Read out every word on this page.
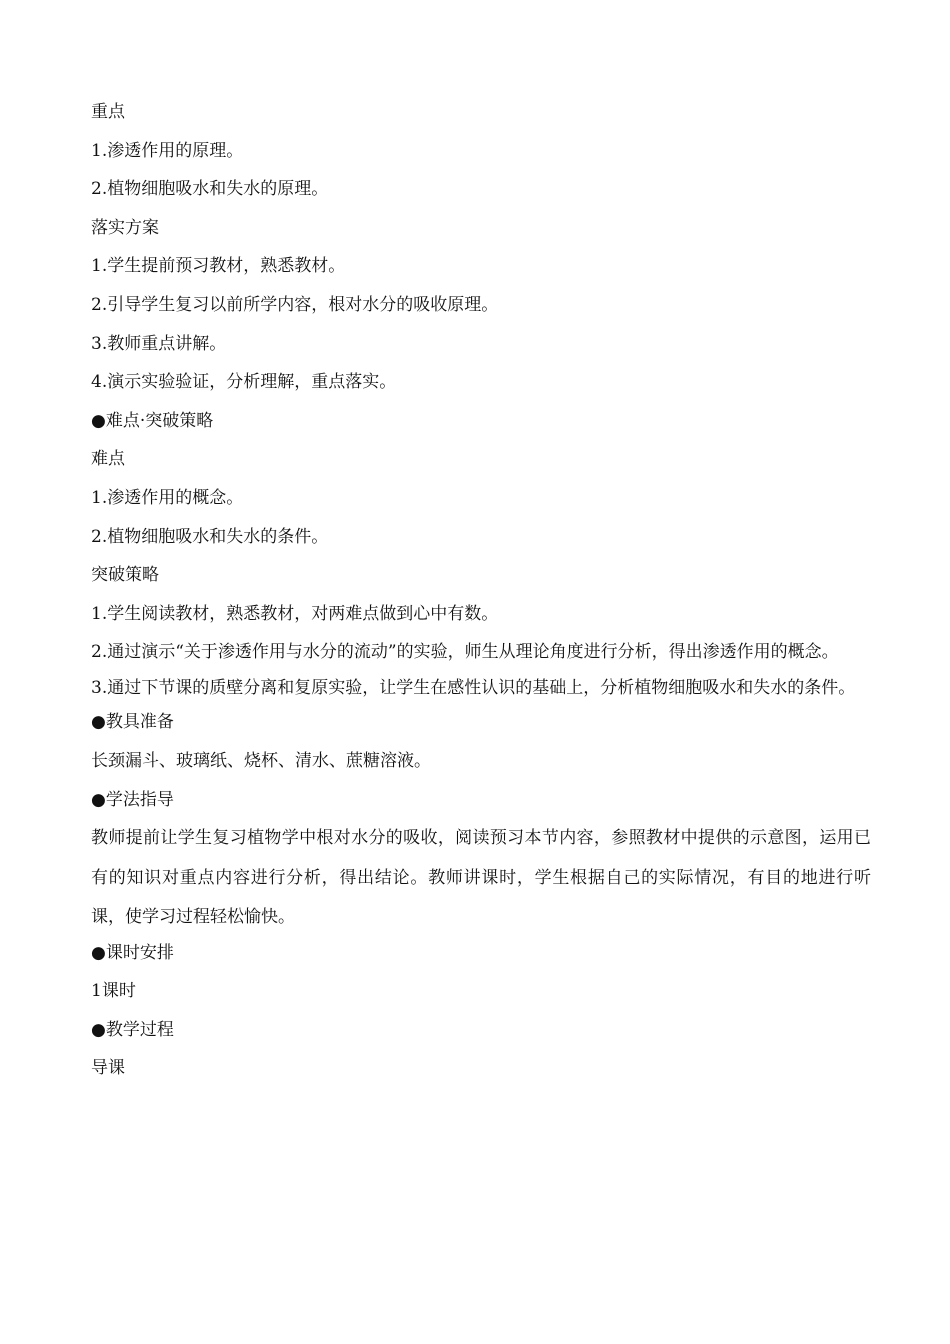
重点
1.渗透作用的原理。
2.植物细胞吸水和失水的原理。
落实方案
1.学生提前预习教材，熟悉教材。
2.引导学生复习以前所学内容，根对水分的吸收原理。
3.教师重点讲解。
4.演示实验验证，分析理解，重点落实。
●难点·突破策略
难点
1.渗透作用的概念。
2.植物细胞吸水和失水的条件。
突破策略
1.学生阅读教材，熟悉教材，对两难点做到心中有数。

2.通过演示“关于渗透作用与水分的流动”的实验，师生从理论角度进行分析，得出渗透作用的概念。

3.通过下节课的质壁分离和复原实验，让学生在感性认识的基础上，分析植物细胞吸水和失水的条件。

●教具准备
长颈漏斗、玻璃纸、烧杯、清水、蔗糖溶液。
●学法指导

教师提前让学生复习植物学中根对水分的吸收，阅读预习本节内容，参照教材中提供的示意图，运用已有的知识对重点内容进行分析，得出结论。教师讲课时，学生根据自己的实际情况，有目的地进行听课，使学习过程轻松愉快。

●课时安排
1课时
●教学过程
导课
